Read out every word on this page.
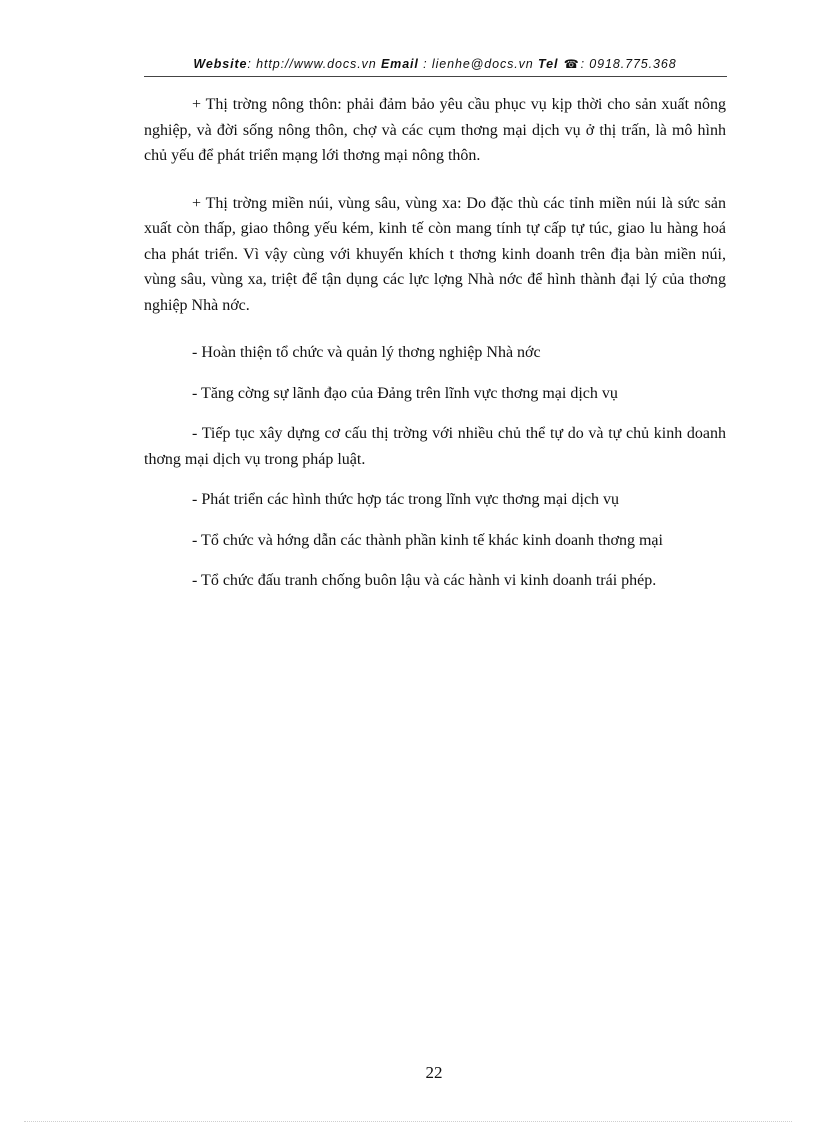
Website: http://www.docs.vn Email : lienhe@docs.vn Tel ☎: 0918.775.368

+ Thị trờng nông thôn: phải đảm bảo yêu cầu phục vụ kịp thời cho sản xuất nông nghiệp, và đời sống nông thôn, chợ và các cụm thơng mại dịch vụ ở thị trấn, là mô hình chủ yếu để phát triển mạng lới thơng mại nông thôn.

+ Thị trờng miền núi, vùng sâu, vùng xa: Do đặc thù các tỉnh miền núi là sức sản xuất còn thấp, giao thông yếu kém, kinh tế còn mang tính tự cấp tự túc, giao lu hàng hoá cha phát triển. Vì vậy cùng với khuyến khích t thơng kinh doanh trên địa bàn miền núi, vùng sâu, vùng xa, triệt để tận dụng các lực lợng Nhà nớc để hình thành đại lý của thơng nghiệp Nhà nớc.

- Hoàn thiện tổ chức và quản lý thơng nghiệp Nhà nớc

- Tăng cờng sự lãnh đạo của Đảng trên lĩnh vực thơng mại dịch vụ

- Tiếp tục xây dựng cơ cấu thị trờng với nhiều chủ thể tự do và tự chủ kinh doanh thơng mại dịch vụ trong pháp luật.

- Phát triển các hình thức hợp tác trong lĩnh vực thơng mại dịch vụ

- Tổ chức và hớng dẫn các thành phần kinh tế khác kinh doanh thơng mại

- Tổ chức đấu tranh chống buôn lậu và các hành vi kinh doanh trái phép.

22
